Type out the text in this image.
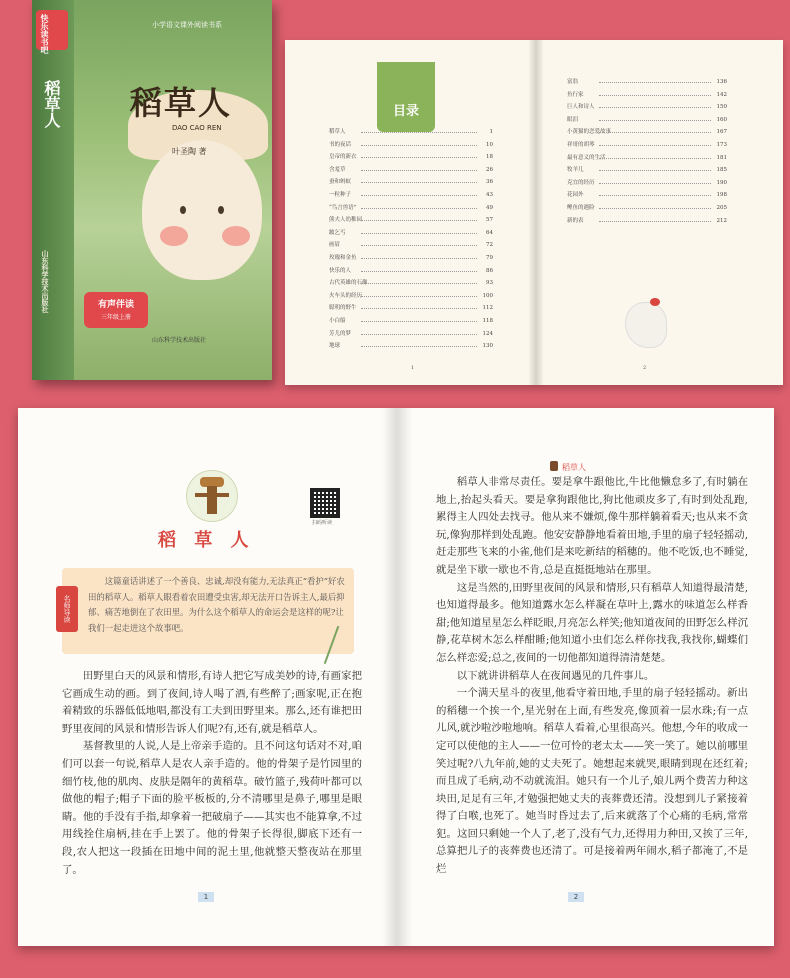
快乐读书吧
稻草人
山东科学技术出版社
小学语文课外阅读书系
稻草人
DAO CAO REN
叶圣陶 著
有声伴读
三年级上册
山东科学技术出版社
目录
稻草人	1
书的夜话	10
皇帝的新衣	18
含羞草	26
蚕和蚂蚁	36
一粒种子	43
“鸟言兽语”	49
熊夫人幼稚园	57
跛乞丐	64
画眉	72
玫瑰和金鱼	79
快乐的人	86
古代英雄的石像	93
火车头的经历	100
聪明的野牛	112
小白船	118
芳儿的梦	124
地球	130
富翁	136
鱼行家	142
巨人和诗人	150
眼泪	160
小黄猫的恋爱故事	167
祥哥的胡琴	173
最有意义的生活	181
牧羊儿	185
克宜的经历	190
花园外	198
鲤鱼的遇险	205
新的表	212
1	2
扫码听读
稻 草 人
名师导读
这篇童话讲述了一个善良、忠诚,却没有能力,无法真正“看护”好农田的稻草人。稻草人眼看着农田遭受虫害,却无法开口告诉主人,最后抑郁、痛苦地倒在了农田里。为什么这个稻草人的命运会是这样的呢?让我们一起走进这个故事吧。

田野里白天的风景和情形,有诗人把它写成美妙的诗,有画家把它画成生动的画。到了夜间,诗人喝了酒,有些醉了;画家呢,正在抱着精致的乐器低低地唱,都没有工夫到田野里来。那么,还有谁把田野里夜间的风景和情形告诉人们呢?有,还有,就是稻草人。

基督教里的人说,人是上帝亲手造的。且不问这句话对不对,咱们可以套一句说,稻草人是农人亲手造的。他的骨架子是竹园里的细竹枝,他的肌肉、皮肤是隔年的黄稻草。破竹篮子,残荷叶都可以做他的帽子;帽子下面的脸平板板的,分不清哪里是鼻子,哪里是眼睛。他的手没有手指,却拿着一把破扇子——其实也不能算拿,不过用线拴住扇柄,挂在手上罢了。他的骨架子长得很,脚底下还有一段,农人把这一段插在田地中间的泥土里,他就整天整夜站在那里了。

1
稻草人

稻草人非常尽责任。要是拿牛跟他比,牛比他懒怠多了,有时躺在地上,抬起头看天。要是拿狗跟他比,狗比他顽皮多了,有时到处乱跑,累得主人四处去找寻。他从来不嫌烦,像牛那样躺着看天;也从来不贪玩,像狗那样到处乱跑。他安安静静地看着田地,手里的扇子轻轻摇动,赶走那些飞来的小雀,他们是来吃新结的稻穗的。他不吃饭,也不睡觉,就是坐下歇一歇也不肯,总是直挺挺地站在那里。

这是当然的,田野里夜间的风景和情形,只有稻草人知道得最清楚,也知道得最多。他知道露水怎么样凝在草叶上,露水的味道怎么样香甜;他知道星星怎么样眨眼,月亮怎么样笑;他知道夜间的田野怎么样沉静,花草树木怎么样酣睡;他知道小虫们怎么样你找我,我找你,蝴蝶们怎么样恋爱;总之,夜间的一切他都知道得清清楚楚。

以下就讲讲稻草人在夜间遇见的几件事儿。

一个满天星斗的夜里,他看守着田地,手里的扇子轻轻摇动。新出的稻穗一个挨一个,星光射在上面,有些发亮,像顶着一层水珠;有一点儿风,就沙啦沙啦地响。稻草人看着,心里很高兴。他想,今年的收成一定可以使他的主人——一位可怜的老太太——笑一笑了。她以前哪里笑过呢?八九年前,她的丈夫死了。她想起来就哭,眼睛到现在还红着;而且成了毛病,动不动就流泪。她只有一个儿子,娘儿两个费苦力种这块田,足足有三年,才勉强把她丈夫的丧葬费还清。没想到儿子紧接着得了白喉,也死了。她当时昏过去了,后来就落了个心痛的毛病,常常犯。这回只剩她一个人了,老了,没有气力,还得用力种田,又挨了三年,总算把儿子的丧葬费也还清了。可是接着两年闹水,稻子都淹了,不是烂

2
